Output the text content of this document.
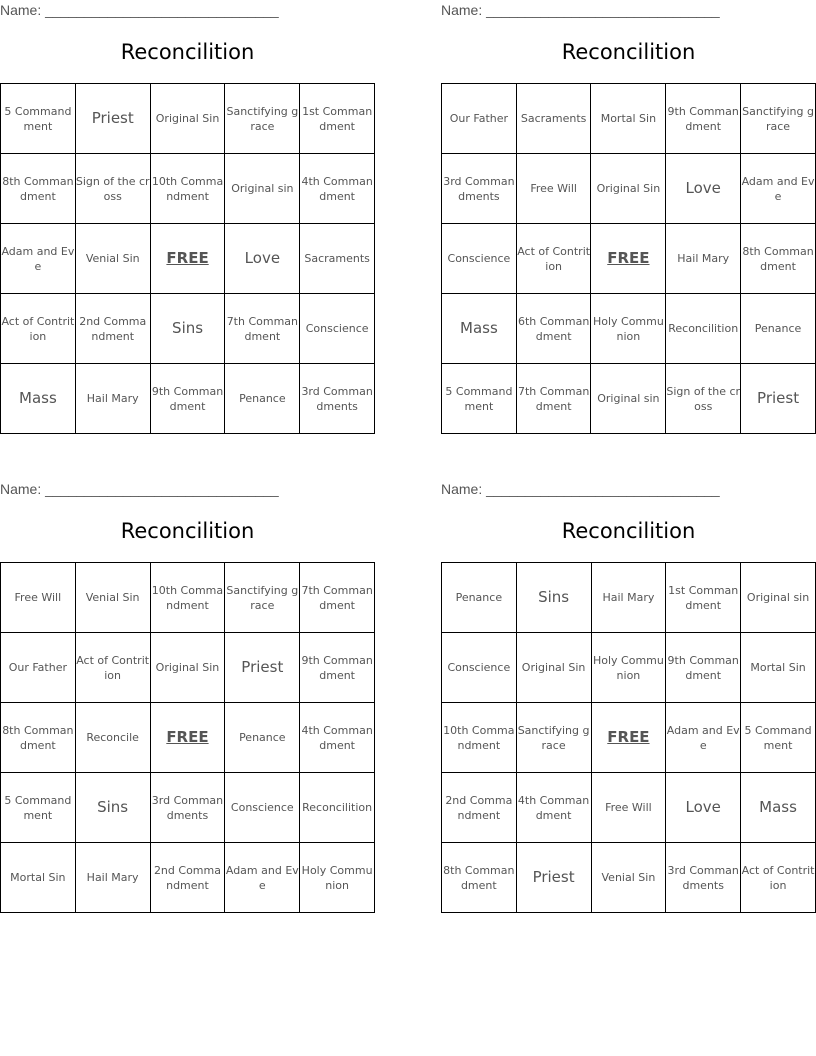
Name: ______________________________
Reconcilition
5 Commandment	Priest	Original Sin	Sanctifying grace	1st Commandment
8th Commandment	Sign of the cross	10th Commandment	Original sin	4th Commandment
Adam and Eve	Venial Sin	FREE	Love	Sacraments
Act of Contrition	2nd Commandment	Sins	7th Commandment	Conscience
Mass	Hail Mary	9th Commandment	Penance	3rd Commandments
Name: ______________________________
Reconcilition
Our Father	Sacraments	Mortal Sin	9th Commandment	Sanctifying grace
3rd Commandments	Free Will	Original Sin	Love	Adam and Eve
Conscience	Act of Contrition	FREE	Hail Mary	8th Commandment
Mass	6th Commandment	Holy Communion	Reconcilition	Penance
5 Commandment	7th Commandment	Original sin	Sign of the cross	Priest
Name: ______________________________
Reconcilition
Free Will	Venial Sin	10th Commandment	Sanctifying grace	7th Commandment
Our Father	Act of Contrition	Original Sin	Priest	9th Commandment
8th Commandment	Reconcile	FREE	Penance	4th Commandment
5 Commandment	Sins	3rd Commandments	Conscience	Reconcilition
Mortal Sin	Hail Mary	2nd Commandment	Adam and Eve	Holy Communion
Name: ______________________________
Reconcilition
Penance	Sins	Hail Mary	1st Commandment	Original sin
Conscience	Original Sin	Holy Communion	9th Commandment	Mortal Sin
10th Commandment	Sanctifying grace	FREE	Adam and Eve	5 Commandment
2nd Commandment	4th Commandment	Free Will	Love	Mass
8th Commandment	Priest	Venial Sin	3rd Commandments	Act of Contrition
